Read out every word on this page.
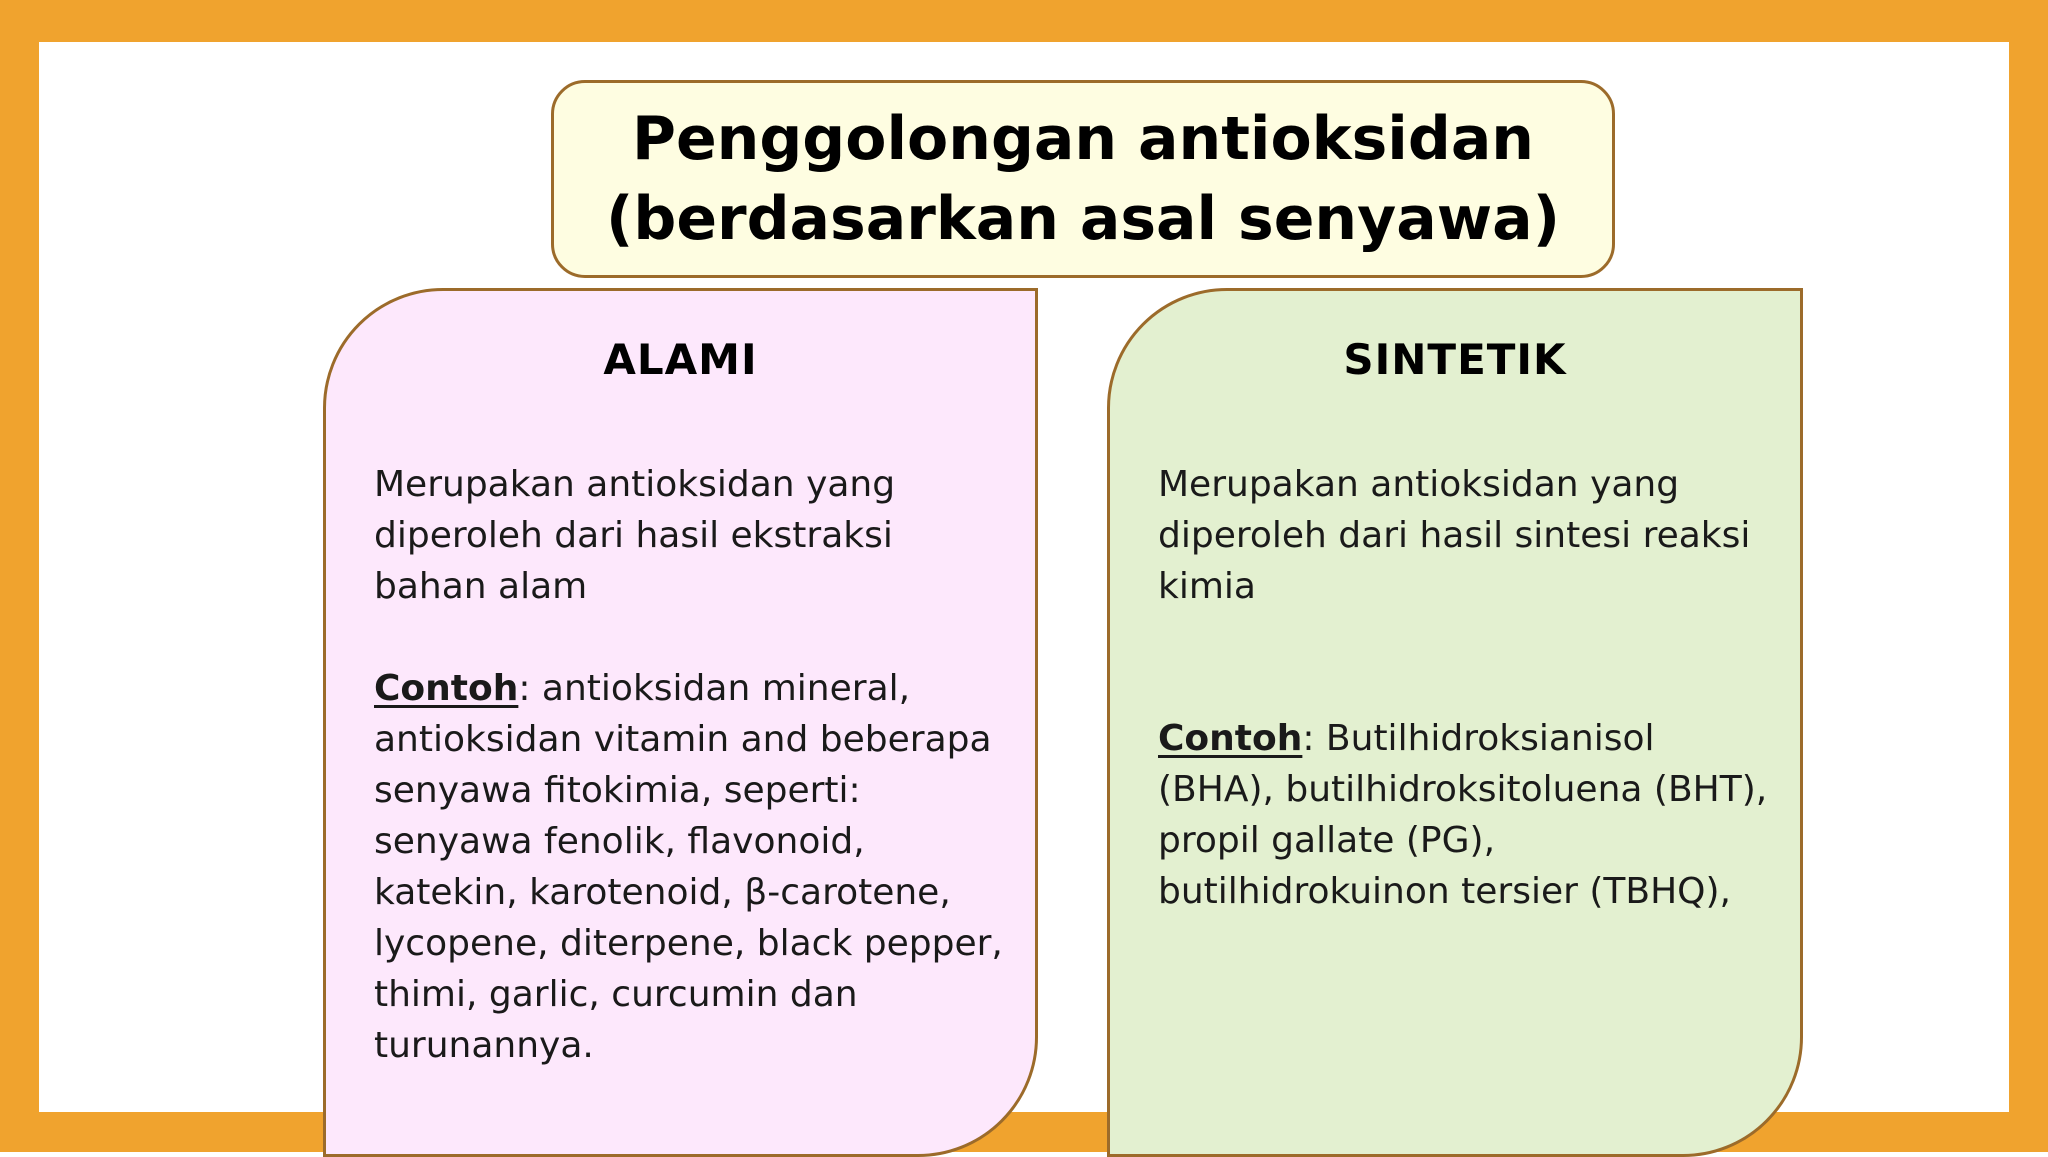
Penggolongan antioksidan
(berdasarkan asal senyawa)
ALAMI
Merupakan antioksidan yang diperoleh dari hasil ekstraksi bahan alam
Contoh: antioksidan mineral, antioksidan vitamin and beberapa senyawa fitokimia, seperti: senyawa fenolik, flavonoid, katekin, karotenoid, β-carotene, lycopene, diterpene, black pepper, thimi, garlic, curcumin dan turunannya.
SINTETIK
Merupakan antioksidan yang diperoleh dari hasil sintesi reaksi kimia
Contoh: Butilhidroksianisol (BHA), butilhidroksitoluena (BHT), propil gallate (PG), butilhidrokuinon tersier (TBHQ),
